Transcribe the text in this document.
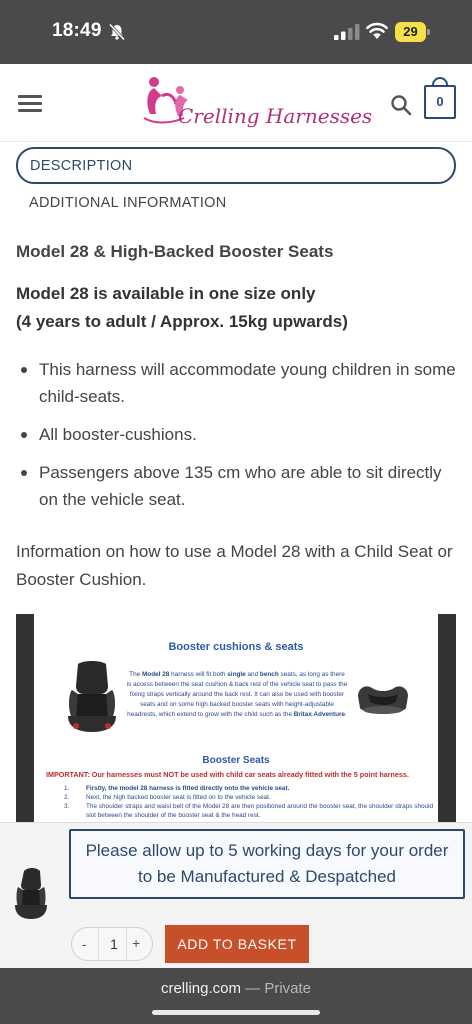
18:49	29
Crelling Harnesses
0
DESCRIPTION
ADDITIONAL INFORMATION
Model 28 & High-Backed Booster Seats
Model 28 is available in one size only
(4 years to adult / Approx. 15kg upwards)
This harness will accommodate young children in some child-seats.
All booster-cushions.
Passengers above 135 cm who are able to sit directly on the vehicle seat.
Information on how to use a Model 28 with a Child Seat or Booster Cushion.
Booster cushions & seats
The Model 28 harness will fit both single and bench seats, as long as there is access between the seat cushion & back rest of the vehicle seat to pass the fixing straps vertically around the back rest. It can also be used with booster seats and on some high backed booster seats with height-adjustable headrests, which extend to grow with the child such as the Britax Adventure.
Booster Seats
IMPORTANT: Our harnesses must NOT be used with child car seats already fitted with the 5 point harness.
1.	Firstly, the model 28 harness is fitted directly onto the vehicle seat.
2.	Next, the high backed booster seat is fitted on to the vehicle seat.
3.	The shoulder straps and waist belt of the Model 28 are then positioned around the booster seat, the shoulder straps should slot between the shoulder of the booster seat & the head rest.
Please allow up to 5 working days for your order
to be Manufactured & Despatched
- 1 +	ADD TO BASKET
crelling.com — Private
